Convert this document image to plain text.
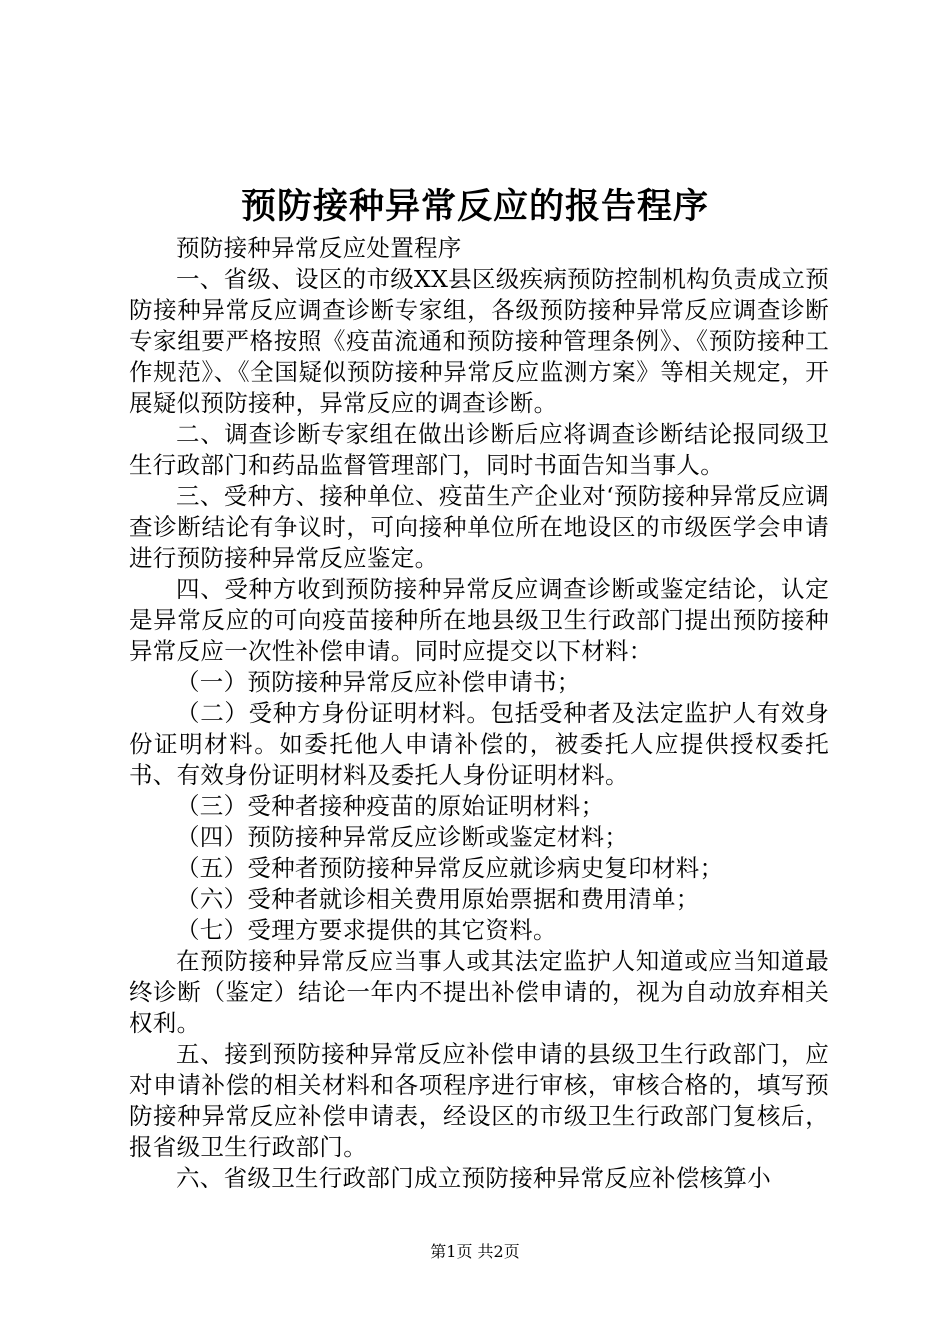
预防接种异常反应的报告程序

预防接种异常反应处置程序

一、省级、设区的市级XX县区级疾病预防控制机构负责成立预防接种异常反应调查诊断专家组，各级预防接种异常反应调查诊断专家组要严格按照《疫苗流通和预防接种管理条例》、《预防接种工作规范》、《全国疑似预防接种异常反应监测方案》等相关规定，开展疑似预防接种，异常反应的调查诊断。

二、调查诊断专家组在做出诊断后应将调查诊断结论报同级卫生行政部门和药品监督管理部门，同时书面告知当事人。

三、受种方、接种单位、疫苗生产企业对‘预防接种异常反应调查诊断结论有争议时，可向接种单位所在地设区的市级医学会申请进行预防接种异常反应鉴定。

四、受种方收到预防接种异常反应调查诊断或鉴定结论，认定是异常反应的可向疫苗接种所在地县级卫生行政部门提出预防接种异常反应一次性补偿申请。同时应提交以下材料：

（一）预防接种异常反应补偿申请书；

（二）受种方身份证明材料。包括受种者及法定监护人有效身份证明材料。如委托他人申请补偿的，被委托人应提供授权委托书、有效身份证明材料及委托人身份证明材料。

（三）受种者接种疫苗的原始证明材料；

（四）预防接种异常反应诊断或鉴定材料；

（五）受种者预防接种异常反应就诊病史复印材料；

（六）受种者就诊相关费用原始票据和费用清单；

（七）受理方要求提供的其它资料。

在预防接种异常反应当事人或其法定监护人知道或应当知道最终诊断（鉴定）结论一年内不提出补偿申请的，视为自动放弃相关权利。

五、接到预防接种异常反应补偿申请的县级卫生行政部门，应对申请补偿的相关材料和各项程序进行审核，审核合格的，填写预防接种异常反应补偿申请表，经设区的市级卫生行政部门复核后，报省级卫生行政部门。

六、省级卫生行政部门成立预防接种异常反应补偿核算小

第1页 共2页
